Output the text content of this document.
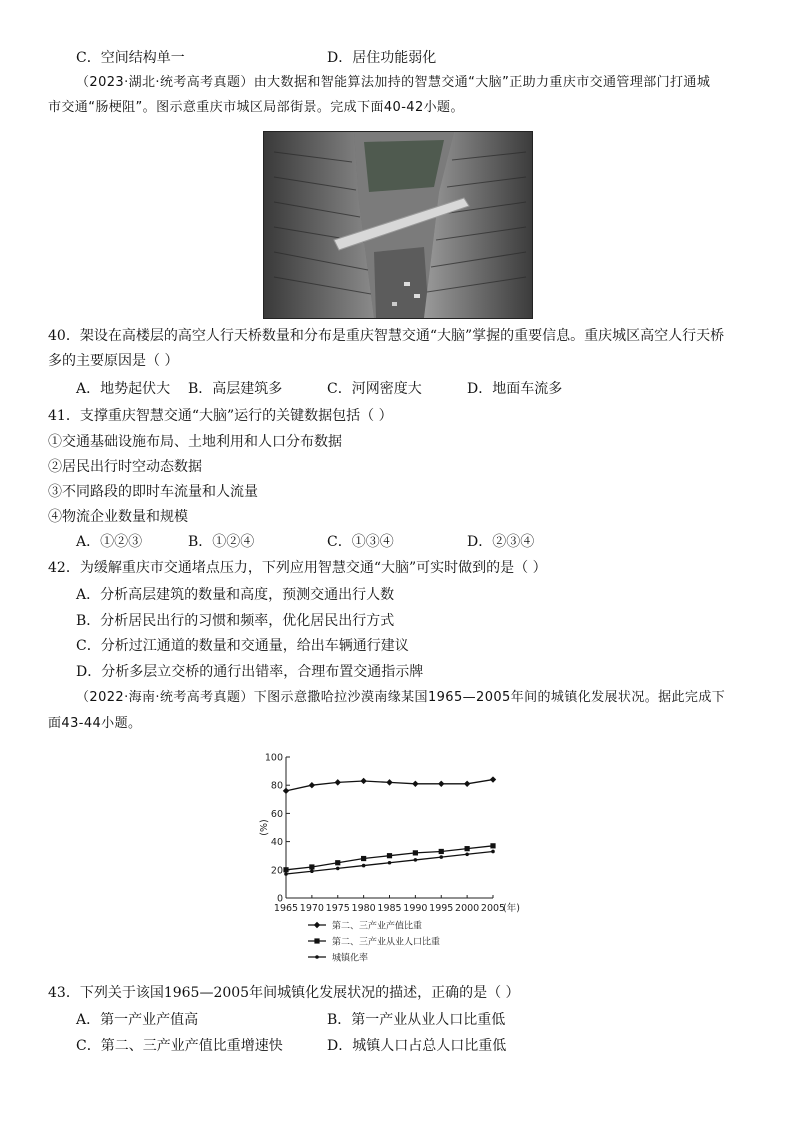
C．空间结构单一	D．居住功能弱化
（2023·湖北·统考高考真题）由大数据和智能算法加持的智慧交通“大脑”正助力重庆市交通管理部门打通城
市交通“肠梗阻”。图示意重庆市城区局部街景。完成下面40-42小题。
40．架设在高楼层的高空人行天桥数量和分布是重庆智慧交通“大脑”掌握的重要信息。重庆城区高空人行天桥
多的主要原因是（ ）
A．地势起伏大 B．高层建筑多	C．河网密度大	D．地面车流多
41．支撑重庆智慧交通“大脑”运行的关键数据包括（ ）
①交通基础设施布局、土地利用和人口分布数据
②居民出行时空动态数据
③不同路段的即时车流量和人流量
④物流企业数量和规模
A．①②③	B．①②④	C．①③④	D．②③④
42．为缓解重庆市交通堵点压力，下列应用智慧交通“大脑”可实时做到的是（ ）
A．分析高层建筑的数量和高度，预测交通出行人数
B．分析居民出行的习惯和频率，优化居民出行方式
C．分析过江通道的数量和交通量，给出车辆通行建议
D．分析多层立交桥的通行出错率，合理布置交通指示牌
（2022·海南·统考高考真题）下图示意撒哈拉沙漠南缘某国1965—2005年间的城镇化发展状况。据此完成下
面43-44小题。
0
20
40
60
80
100
1965 1970 1975 1980 1985 1990 1995 2000 2005
(年)
(%)
第二、三产业产值比重
第二、三产业从业人口比重
城镇化率
43．下列关于该国1965—2005年间城镇化发展状况的描述，正确的是（ ）
A．第一产业产值高	B．第一产业从业人口比重低
C．第二、三产业产值比重增速快	D．城镇人口占总人口比重低
